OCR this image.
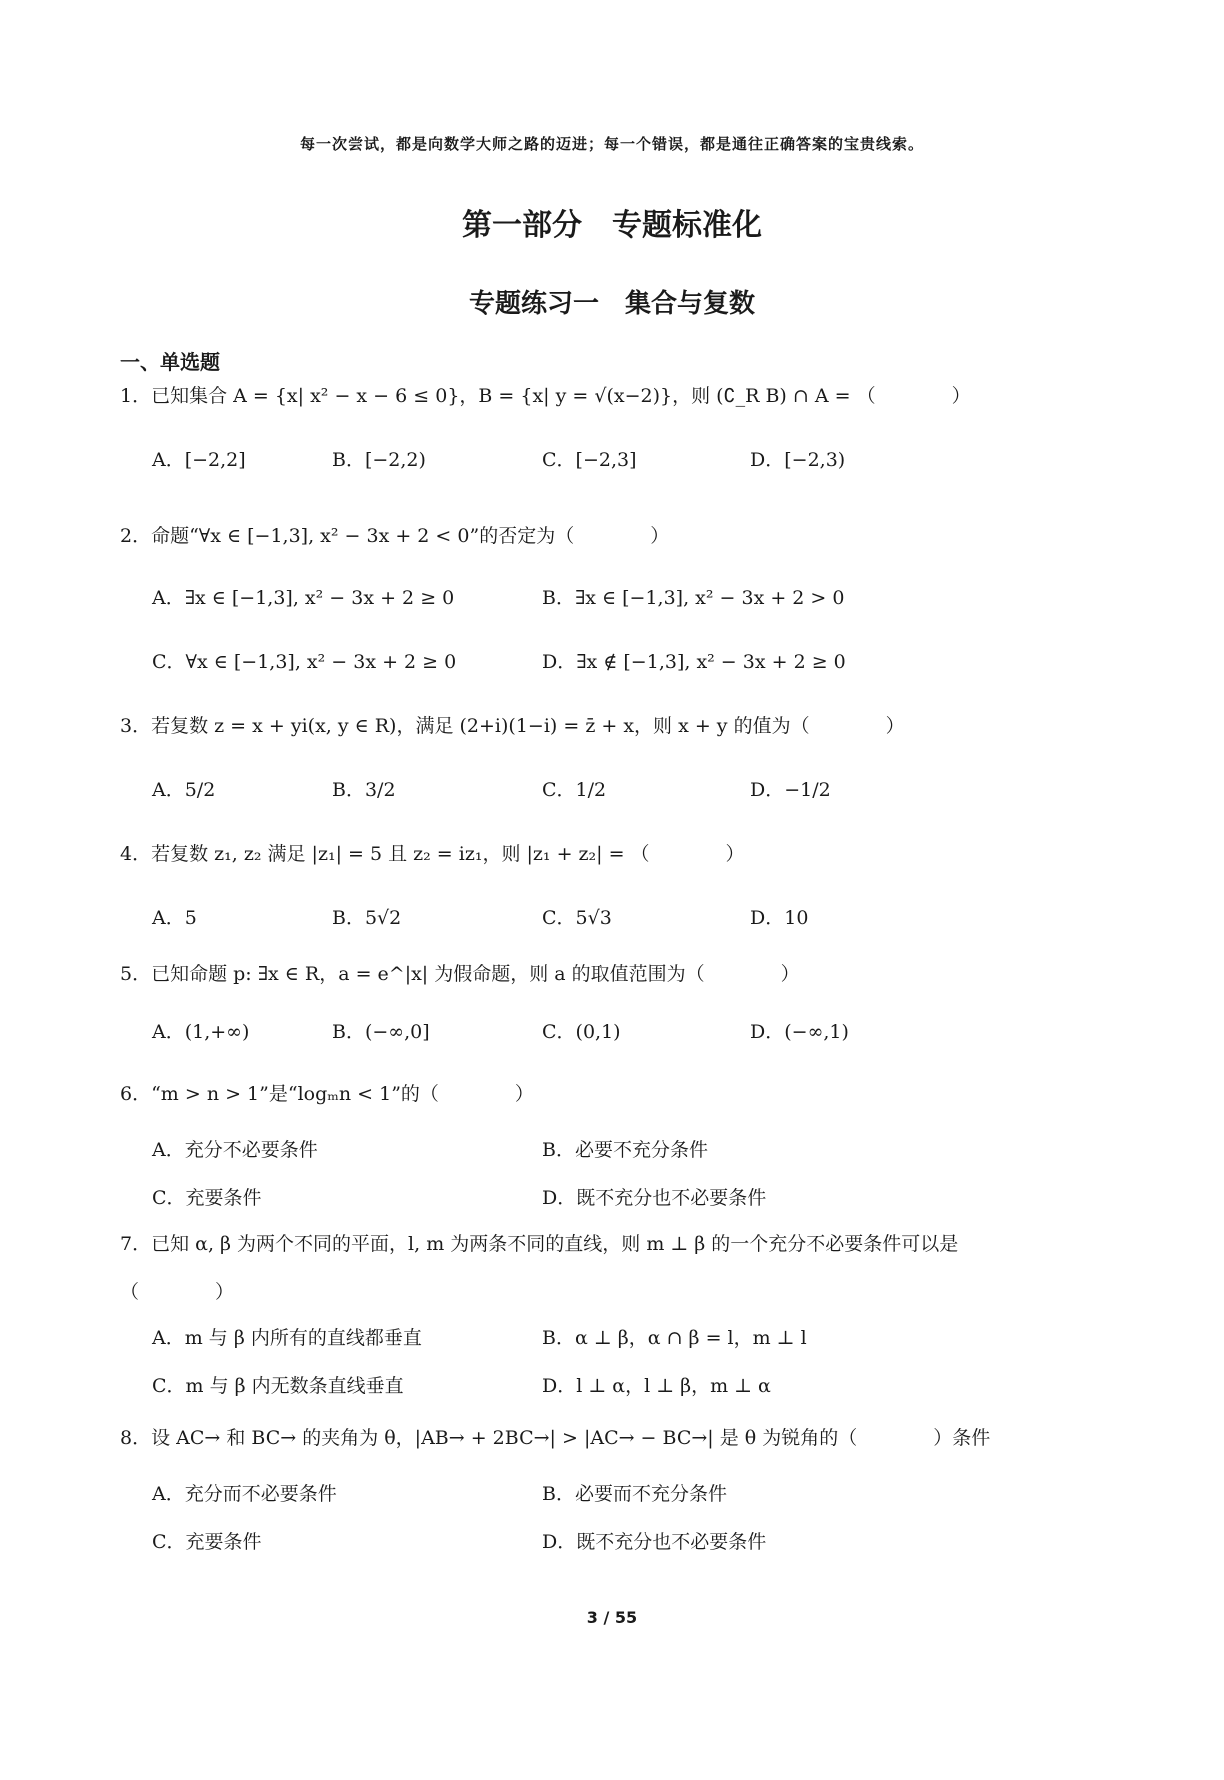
每一次尝试，都是向数学大师之路的迈进；每一个错误，都是通往正确答案的宝贵线索。
第一部分　专题标准化
专题练习一　集合与复数
一、单选题
1．已知集合 A = {x| x² − x − 6 ≤ 0}，B = {x| y = √(x−2)}，则 (∁_R B) ∩ A = （　　　　）
A．[−2,2]	B．[−2,2)	C．[−2,3]	D．[−2,3)
2．命题“∀x ∈ [−1,3], x² − 3x + 2 < 0”的否定为（　　　　）
A．∃x ∈ [−1,3], x² − 3x + 2 ≥ 0	B．∃x ∈ [−1,3], x² − 3x + 2 > 0
C．∀x ∈ [−1,3], x² − 3x + 2 ≥ 0	D．∃x ∉ [−1,3], x² − 3x + 2 ≥ 0
3．若复数 z = x + yi(x, y ∈ R)，满足 (2+i)(1−i) = z̄ + x，则 x + y 的值为（　　　　）
A．5/2	B．3/2	C．1/2	D．−1/2
4．若复数 z₁, z₂ 满足 |z₁| = 5 且 z₂ = iz₁，则 |z₁ + z₂| = （　　　　）
A．5	B．5√2	C．5√3	D．10
5．已知命题 p: ∃x ∈ R，a = e^|x| 为假命题，则 a 的取值范围为（　　　　）
A．(1,+∞)	B．(−∞,0]	C．(0,1)	D．(−∞,1)
6．“m > n > 1”是“logₘn < 1”的（　　　　）
A．充分不必要条件	B．必要不充分条件
C．充要条件	D．既不充分也不必要条件
7．已知 α, β 为两个不同的平面，l, m 为两条不同的直线，则 m ⊥ β 的一个充分不必要条件可以是
（　　　　）
A．m 与 β 内所有的直线都垂直	B．α ⊥ β，α ∩ β = l，m ⊥ l
C．m 与 β 内无数条直线垂直	D．l ⊥ α，l ⊥ β，m ⊥ α
8．设 AC→ 和 BC→ 的夹角为 θ，|AB→ + 2BC→| > |AC→ − BC→| 是 θ 为锐角的（　　　　）条件
A．充分而不必要条件	B．必要而不充分条件
C．充要条件	D．既不充分也不必要条件
3 / 55
